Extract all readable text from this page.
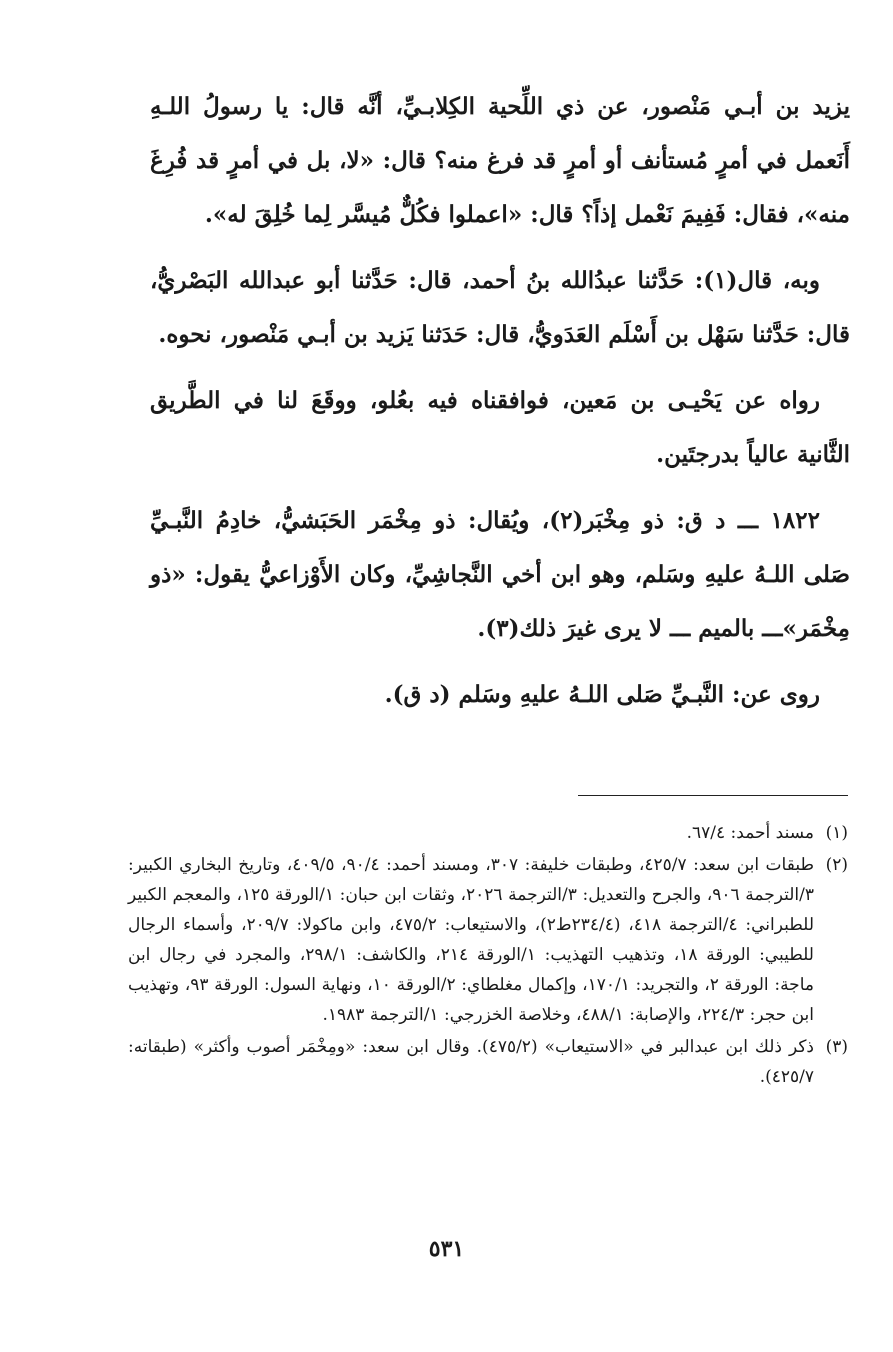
يزيد بن أبـي مَنْصور، عن ذي اللِّحية الكِلابـيِّ، أنَّه قال: يا رسولُ اللـهِ أَنَعمل في أمرٍ مُستأنف أو أمرٍ قد فرغ منه؟ قال: «لا، بل في أمرٍ قد فُرِغَ منه»، فقال: فَفِيمَ نَعْمل إذاً؟ قال: «اعملوا فكُلٌّ مُيسَّر لِما خُلِقَ له».

وبه، قال(١): حَدَّثنا عبدُالله بنُ أحمد، قال: حَدَّثنا أبو عبدالله البَصْريُّ، قال: حَدَّثنا سَهْل بن أَسْلَم العَدَويُّ، قال: حَدَثنا يَزيد بن أبـي مَنْصور، نحوه.

رواه عن يَحْيـى بن مَعين، فوافقناه فيه بعُلو، ووقَعَ لنا في الطَّريق الثَّانية عالياً بدرجتَين.

١٨٢٢ ـــ د ق: ذو مِخْبَر(٢)، ويُقال: ذو مِخْمَر الحَبَشيُّ، خادِمُ النَّبـيِّ صَلى اللـهُ عليهِ وسَلم، وهو ابن أخي النَّجاشِيِّ، وكان الأَوْزاعيُّ يقول: «ذو مِخْمَر»ـــ بالميم ـــ لا يرى غيرَ ذلك(٣).

روى عن: النَّبـيِّ صَلى اللـهُ عليهِ وسَلم (د ق).

(١)
مسند أحمد: ٦٧/٤.
(٢)
طبقات ابن سعد: ٤٢٥/٧، وطبقات خليفة: ٣٠٧، ومسند أحمد: ٩٠/٤، ٤٠٩/٥، وتاريخ البخاري الكبير: ٣/الترجمة ٩٠٦، والجرح والتعديل: ٣/الترجمة ٢٠٢٦، وثقات ابن حبان: ١/الورقة ١٢٥، والمعجم الكبير للطبراني: ٤/الترجمة ٤١٨، (٢٣٤/٤ط٢)، والاستيعاب: ٤٧٥/٢، وابن ماكولا: ٢٠٩/٧، وأسماء الرجال للطيبي: الورقة ١٨، وتذهيب التهذيب: ١/الورقة ٢١٤، والكاشف: ٢٩٨/١، والمجرد في رجال ابن ماجة: الورقة ٢، والتجريد: ١٧٠/١، وإكمال مغلطاي: ٢/الورقة ١٠، ونهاية السول: الورقة ٩٣، وتهذيب ابن حجر: ٢٢٤/٣، والإصابة: ٤٨٨/١، وخلاصة الخزرجي: ١/الترجمة ١٩٨٣.
(٣)
ذكر ذلك ابن عبدالبر في «الاستيعاب» (٤٧٥/٢). وقال ابن سعد: «ومِخْمَر أصوب وأكثر» (طبقاته: ٤٢٥/٧).
٥٣١
